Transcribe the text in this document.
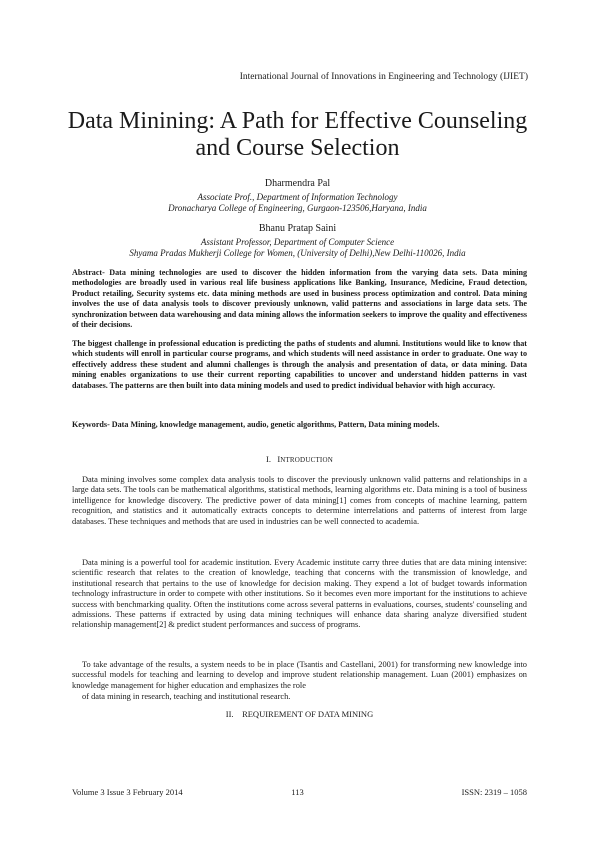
International Journal of Innovations in Engineering and Technology (IJIET)
Data Minining: A Path for Effective Counseling
and Course Selection
Dharmendra Pal
Associate Prof., Department of Information Technology
Dronacharya College of Engineering, Gurgaon-123506,Haryana, India
Bhanu Pratap Saini
Assistant Professor, Department of Computer Science
Shyama Pradas Mukherji College for Women, (University of Delhi),New Delhi-110026, India
Abstract- Data mining technologies are used to discover the hidden information from the varying data sets. Data mining methodologies are broadly used in various real life business applications like Banking, Insurance, Medicine, Fraud detection, Product retailing, Security systems etc. data mining methods are used in business process optimization and control. Data mining involves the use of data analysis tools to discover previously unknown, valid patterns and associations in large data sets. The synchronization between data warehousing and data mining allows the information seekers to improve the quality and effectiveness of their decisions.
The biggest challenge in professional education is predicting the paths of students and alumni. Institutions would like to know that which students will enroll in particular course programs, and which students will need assistance in order to graduate. One way to effectively address these student and alumni challenges is through the analysis and presentation of data, or data mining. Data mining enables organizations to use their current reporting capabilities to uncover and understand hidden patterns in vast databases. The patterns are then built into data mining models and used to predict individual behavior with high accuracy.
Keywords- Data Mining, knowledge management, audio, genetic algorithms, Pattern, Data mining models.
I. INTRODUCTION
Data mining involves some complex data analysis tools to discover the previously unknown valid patterns and relationships in a large data sets. The tools can be mathematical algorithms, statistical methods, learning algorithms etc. Data mining is a tool of business intelligence for knowledge discovery. The predictive power of data mining[1] comes from concepts of machine learning, pattern recognition, and statistics and it automatically extracts concepts to determine interrelations and patterns of interest from large databases. These techniques and methods that are used in industries can be well connected to academia.
Data mining is a powerful tool for academic institution. Every Academic institute carry three duties that are data mining intensive: scientific research that relates to the creation of knowledge, teaching that concerns with the transmission of knowledge, and institutional research that pertains to the use of knowledge for decision making. They expend a lot of budget towards information technology infrastructure in order to compete with other institutions. So it becomes even more important for the institutions to achieve success with benchmarking quality. Often the institutions come across several patterns in evaluations, courses, students' counseling and admissions. These patterns if extracted by using data mining techniques will enhance data sharing analyze diversified student relationship management[2] & predict student performances and success of programs.
To take advantage of the results, a system needs to be in place (Tsantis and Castellani, 2001) for transforming new knowledge into successful models for teaching and learning to develop and improve student relationship management. Luan (2001) emphasizes on knowledge management for higher education and emphasizes the role
of data mining in research, teaching and institutional research.
II. REQUIREMENT OF DATA MINING
Volume 3 Issue 3 February 2014	113	ISSN: 2319 – 1058
